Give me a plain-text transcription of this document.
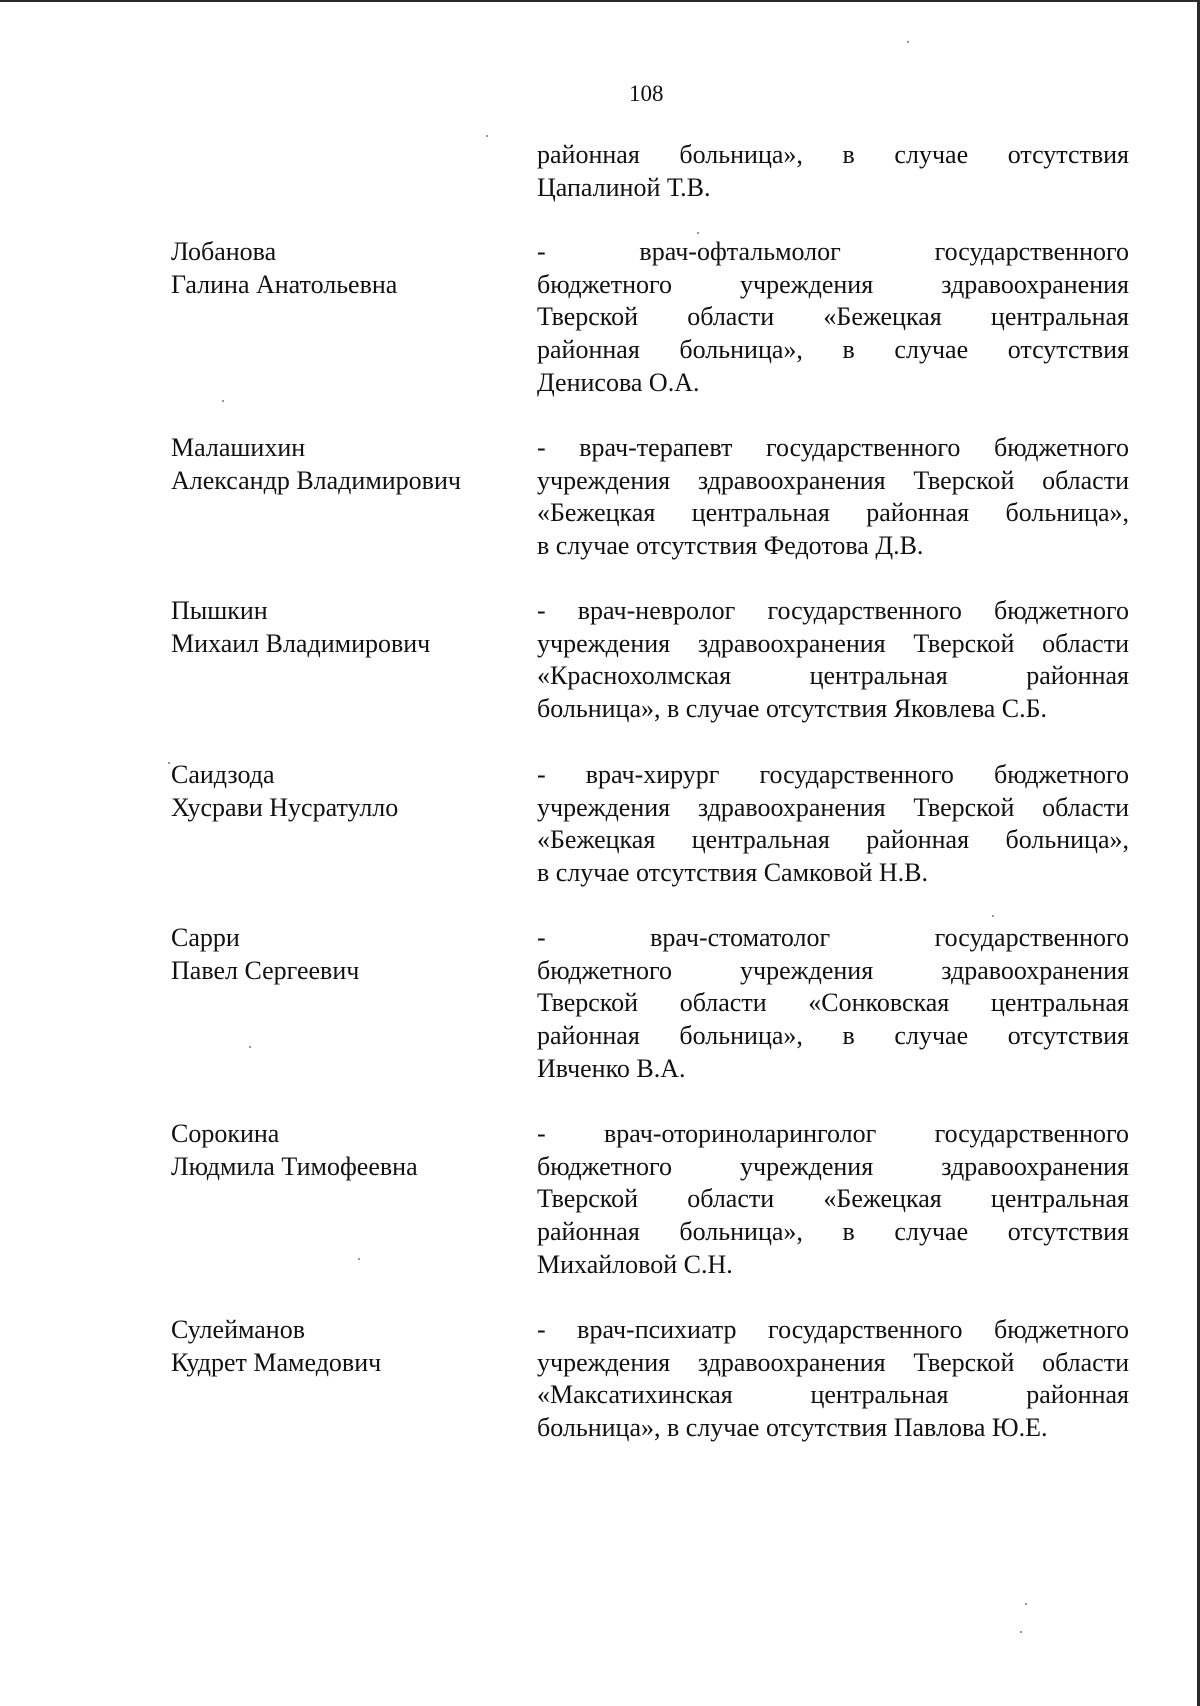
108
районная больница», в случае отсутствия
Цапалиной Т.В.
Лобанова
Галина Анатольевна
- врач-офтальмолог государственного
бюджетного учреждения здравоохранения
Тверской области «Бежецкая центральная
районная больница», в случае отсутствия
Денисова О.А.
Малашихин
Александр Владимирович
- врач-терапевт государственного бюджетного
учреждения здравоохранения Тверской области
«Бежецкая центральная районная больница»,
в случае отсутствия Федотова Д.В.
Пышкин
Михаил Владимирович
- врач-невролог государственного бюджетного
учреждения здравоохранения Тверской области
«Краснохолмская центральная районная
больница», в случае отсутствия Яковлева С.Б.
Саидзода
Хусрави Нусратулло
- врач-хирург государственного бюджетного
учреждения здравоохранения Тверской области
«Бежецкая центральная районная больница»,
в случае отсутствия Самковой Н.В.
Сарри
Павел Сергеевич
- врач-стоматолог государственного
бюджетного учреждения здравоохранения
Тверской области «Сонковская центральная
районная больница», в случае отсутствия
Ивченко В.А.
Сорокина
Людмила Тимофеевна
- врач-оториноларинголог государственного
бюджетного учреждения здравоохранения
Тверской области «Бежецкая центральная
районная больница», в случае отсутствия
Михайловой С.Н.
Сулейманов
Кудрет Мамедович
- врач-психиатр государственного бюджетного
учреждения здравоохранения Тверской области
«Максатихинская центральная районная
больница», в случае отсутствия Павлова Ю.Е.
